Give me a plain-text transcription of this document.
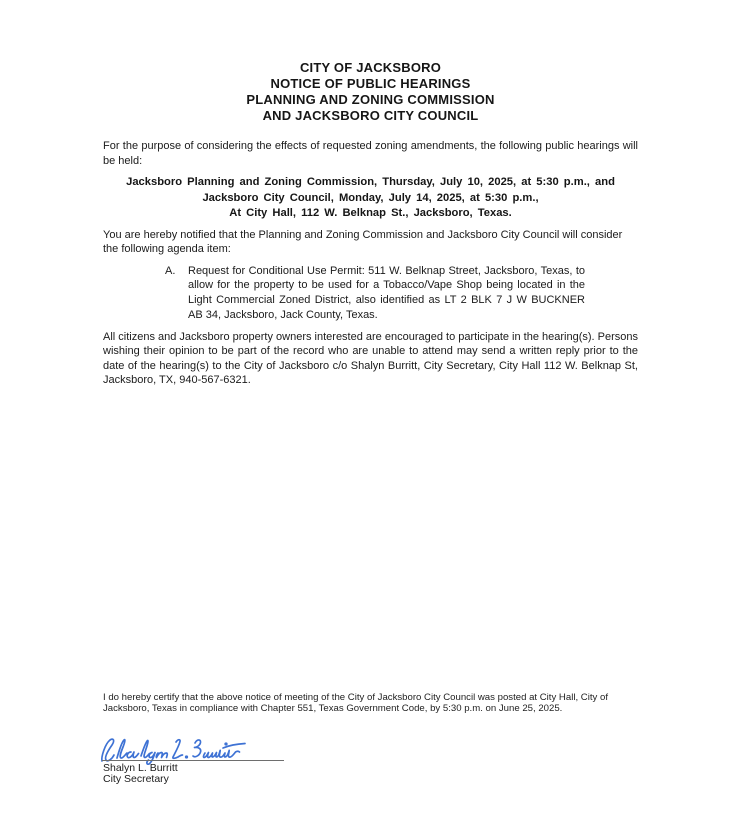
CITY OF JACKSBORO
NOTICE OF PUBLIC HEARINGS
PLANNING AND ZONING COMMISSION
AND JACKSBORO CITY COUNCIL

For the purpose of considering the effects of requested zoning amendments, the following public hearings will be held:

Jacksboro Planning and Zoning Commission, Thursday, July 10, 2025, at 5:30 p.m., and
Jacksboro City Council, Monday, July 14, 2025, at 5:30 p.m.,
At City Hall, 112 W. Belknap St., Jacksboro, Texas.

You are hereby notified that the Planning and Zoning Commission and Jacksboro City Council will consider the following agenda item:

A.	Request for Conditional Use Permit: 511 W. Belknap Street, Jacksboro, Texas, to allow for the property to be used for a Tobacco/Vape Shop being located in the Light Commercial Zoned District, also identified as LT 2 BLK 7 J W BUCKNER AB 34, Jacksboro, Jack County, Texas.

All citizens and Jacksboro property owners interested are encouraged to participate in the hearing(s). Persons wishing their opinion to be part of the record who are unable to attend may send a written reply prior to the date of the hearing(s) to the City of Jacksboro c/o Shalyn Burritt, City Secretary, City Hall 112 W. Belknap St, Jacksboro, TX, 940-567-6321.

I do hereby certify that the above notice of meeting of the City of Jacksboro City Council was posted at City Hall, City of Jacksboro, Texas in compliance with Chapter 551, Texas Government Code, by 5:30 p.m. on June 25, 2025.

Shalyn L. Burritt
City Secretary
